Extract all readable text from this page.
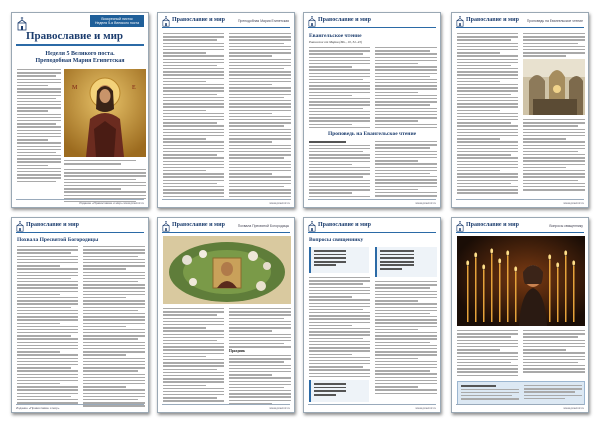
Православие и мир
Воскресный листок
Неделя 5-я Великого поста
Неделя 5 Великого поста.
Преподобная Мария Египетская
М	Е
Издание «Православие и мир» www.pravmir.ru
Православие и мир	Преподобная Мария Египетская
www.pravmir.ru
Православие и мир
Евангельское чтение
Евангелие от Марка (Мк., 10, 32–45)
Проповедь на Евангельское чтение
www.pravmir.ru
Православие и мир Проповедь на Евангельское чтение
www.pravmir.ru
Православие и мир
Похвала Пресвятой Богородицы
Издание «Православие и мир»
Православие и мир	Похвала Пресвятой Богородицы
Праздник
www.pravmir.ru
Православие и мир
Вопросы священнику
www.pravmir.ru
Православие и мир	Вопросы священнику
www.pravmir.ru
